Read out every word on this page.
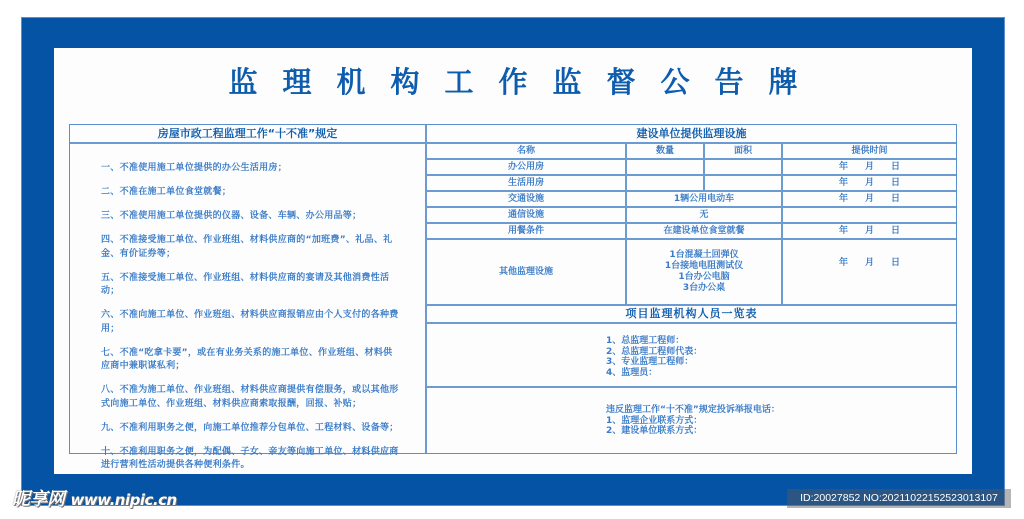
监理机构工作监督公告牌
房屋市政工程监理工作“十不准”规定
一、不准使用施工单位提供的办公生活用房；
二、不准在施工单位食堂就餐；
三、不准使用施工单位提供的仪器、设备、车辆、办公用品等；
四、不准接受施工单位、作业班组、材料供应商的“加班费”、礼品、礼金、有价证券等；
五、不准接受施工单位、作业班组、材料供应商的宴请及其他消费性活动；
六、不准向施工单位、作业班组、材料供应商报销应由个人支付的各种费用；
七、不准“吃拿卡要”，或在有业务关系的施工单位、作业班组、材料供应商中兼职谋私利；
八、不准为施工单位、作业班组、材料供应商提供有偿服务，或以其他形式向施工单位、作业班组、材料供应商索取报酬，回报、补贴；
九、不准利用职务之便，向施工单位推荐分包单位、工程材料、设备等；
十、不准利用职务之便，为配偶、子女、亲友等向施工单位、材料供应商进行营利性活动提供各种便利条件。
建设单位提供监理设施
名称	数量	面积	提供时间
办公用房			年 月 日
生活用房			年 月 日
交通设施	1辆公用电动车		年 月 日
通信设施	无		
用餐条件	在建设单位食堂就餐		年 月 日
其他监理设施	1台混凝土回弹仪
1台接地电阻测试仪
1台办公电脑
3台办公桌		年 月 日
项目监理机构人员一览表
1、总监理工程师：
2、总监理工程师代表：
3、专业监理工程师：
4、监理员：
违反监理工作“十不准”规定投诉举报电话：
1、监理企业联系方式：
2、建设单位联系方式：
昵享网 www.nipic.cn	ID:20027852 NO:20211022152523013107
